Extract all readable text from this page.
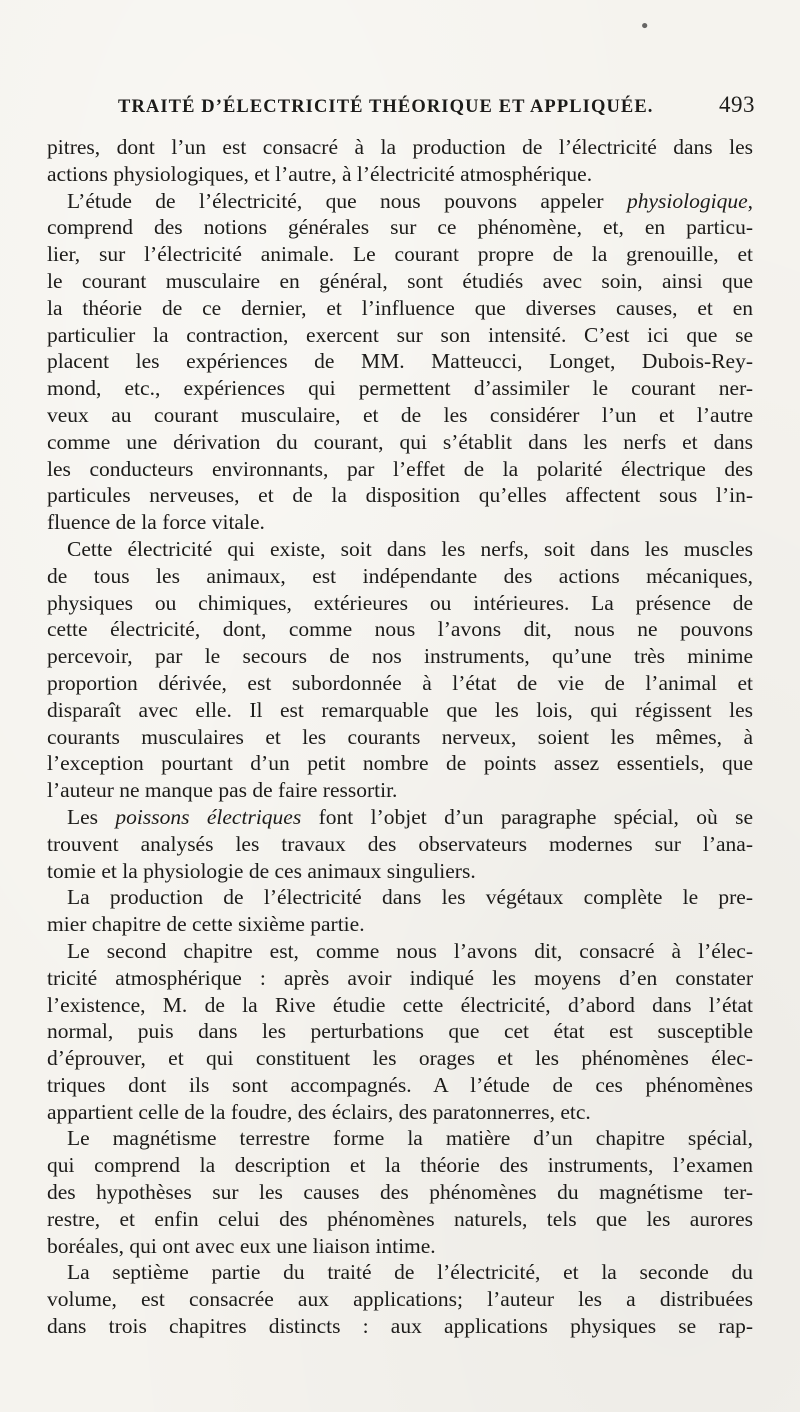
•
TRAITÉ D’ÉLECTRICITÉ THÉORIQUE ET APPLIQUÉE.	493
pitres, dont l’un est consacré à la production de l’électricité dans les
actions physiologiques, et l’autre, à l’électricité atmosphérique.
L’étude de l’électricité, que nous pouvons appeler physiologique,
comprend des notions générales sur ce phénomène, et, en particu-
lier, sur l’électricité animale. Le courant propre de la grenouille, et
le courant musculaire en général, sont étudiés avec soin, ainsi que
la théorie de ce dernier, et l’influence que diverses causes, et en
particulier la contraction, exercent sur son intensité. C’est ici que se
placent les expériences de MM. Matteucci, Longet, Dubois-Rey-
mond, etc., expériences qui permettent d’assimiler le courant ner-
veux au courant musculaire, et de les considérer l’un et l’autre
comme une dérivation du courant, qui s’établit dans les nerfs et dans
les conducteurs environnants, par l’effet de la polarité électrique des
particules nerveuses, et de la disposition qu’elles affectent sous l’in-
fluence de la force vitale.
Cette électricité qui existe, soit dans les nerfs, soit dans les muscles
de tous les animaux, est indépendante des actions mécaniques,
physiques ou chimiques, extérieures ou intérieures. La présence de
cette électricité, dont, comme nous l’avons dit, nous ne pouvons
percevoir, par le secours de nos instruments, qu’une très minime
proportion dérivée, est subordonnée à l’état de vie de l’animal et
disparaît avec elle. Il est remarquable que les lois, qui régissent les
courants musculaires et les courants nerveux, soient les mêmes, à
l’exception pourtant d’un petit nombre de points assez essentiels, que
l’auteur ne manque pas de faire ressortir.
Les poissons électriques font l’objet d’un paragraphe spécial, où se
trouvent analysés les travaux des observateurs modernes sur l’ana-
tomie et la physiologie de ces animaux singuliers.
La production de l’électricité dans les végétaux complète le pre-
mier chapitre de cette sixième partie.
Le second chapitre est, comme nous l’avons dit, consacré à l’élec-
tricité atmosphérique : après avoir indiqué les moyens d’en constater
l’existence, M. de la Rive étudie cette électricité, d’abord dans l’état
normal, puis dans les perturbations que cet état est susceptible
d’éprouver, et qui constituent les orages et les phénomènes élec-
triques dont ils sont accompagnés. A l’étude de ces phénomènes
appartient celle de la foudre, des éclairs, des paratonnerres, etc.
Le magnétisme terrestre forme la matière d’un chapitre spécial,
qui comprend la description et la théorie des instruments, l’examen
des hypothèses sur les causes des phénomènes du magnétisme ter-
restre, et enfin celui des phénomènes naturels, tels que les aurores
boréales, qui ont avec eux une liaison intime.
La septième partie du traité de l’électricité, et la seconde du
volume, est consacrée aux applications; l’auteur les a distribuées
dans trois chapitres distincts : aux applications physiques se rap-
